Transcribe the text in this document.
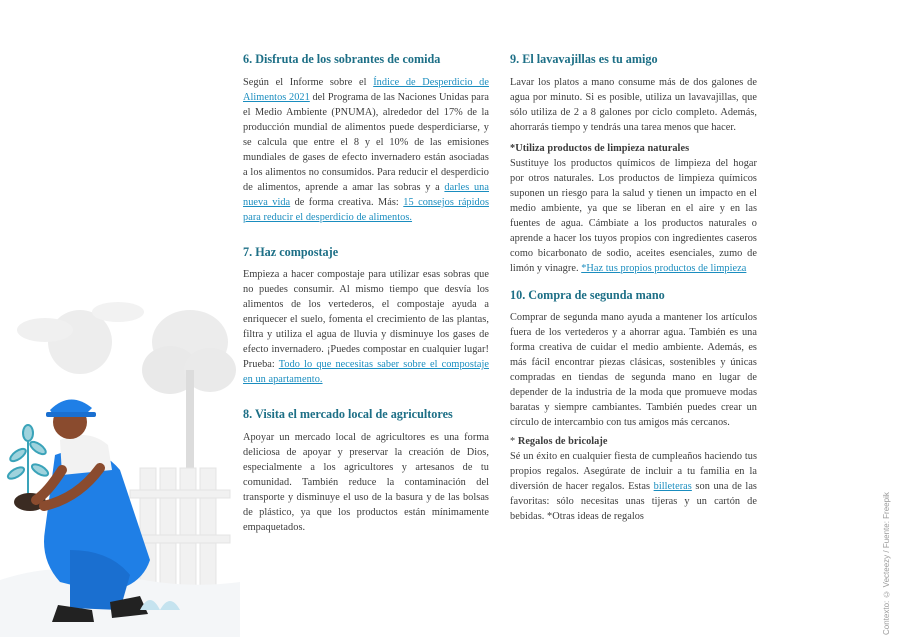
6. Disfruta de los sobrantes de comida

Según el Informe sobre el Índice de Desperdicio de Alimentos 2021 del Programa de las Naciones Unidas para el Medio Ambiente (PNUMA), alrededor del 17% de la producción mundial de alimentos puede desperdiciarse, y se calcula que entre el 8 y el 10% de las emisiones mundiales de gases de efecto invernadero están asociadas a los alimentos no consumidos. Para reducir el desperdicio de alimentos, aprende a amar las sobras y a darles una nueva vida de forma creativa. Más: 15 consejos rápidos para reducir el desperdicio de alimentos.

7. Haz compostaje

Empieza a hacer compostaje para utilizar esas sobras que no puedes consumir. Al mismo tiempo que desvía los alimentos de los vertederos, el compostaje ayuda a enriquecer el suelo, fomenta el crecimiento de las plantas, filtra y utiliza el agua de lluvia y disminuye los gases de efecto invernadero. ¡Puedes compostar en cualquier lugar! Prueba: Todo lo que necesitas saber sobre el compostaje en un apartamento.

8. Visita el mercado local de agricultores

Apoyar un mercado local de agricultores es una forma deliciosa de apoyar y preservar la creación de Dios, especialmente a los agricultores y artesanos de tu comunidad. También reduce la contaminación del transporte y disminuye el uso de la basura y de las bolsas de plástico, ya que los productos están mínimamente empaquetados.

9. El lavavajillas es tu amigo

Lavar los platos a mano consume más de dos galones de agua por minuto. Si es posible, utiliza un lavavajillas, que sólo utiliza de 2 a 8 galones por ciclo completo. Además, ahorrarás tiempo y tendrás una tarea menos que hacer.

*Utiliza productos de limpieza naturales

Sustituye los productos químicos de limpieza del hogar por otros naturales. Los productos de limpieza químicos suponen un riesgo para la salud y tienen un impacto en el medio ambiente, ya que se liberan en el aire y en las fuentes de agua. Cámbiate a los productos naturales o aprende a hacer los tuyos propios con ingredientes caseros como bicarbonato de sodio, aceites esenciales, zumo de limón y vinagre. *Haz tus propios productos de limpieza

10. Compra de segunda mano

Comprar de segunda mano ayuda a mantener los artículos fuera de los vertederos y a ahorrar agua. También es una forma creativa de cuidar el medio ambiente. Además, es más fácil encontrar piezas clásicas, sostenibles y únicas compradas en tiendas de segunda mano en lugar de depender de la industria de la moda que promueve modas baratas y siempre cambiantes. También puedes crear un círculo de intercambio con tus amigos más cercanos.

* Regalos de bricolaje

Sé un éxito en cualquier fiesta de cumpleaños haciendo tus propios regalos. Asegúrate de incluir a tu familia en la diversión de hacer regalos. Estas billeteras son una de las favoritas: sólo necesitas unas tijeras y un cartón de bebidas. *Otras ideas de regalos	Contexto: © Vecteezy / Fuente: Freepik
